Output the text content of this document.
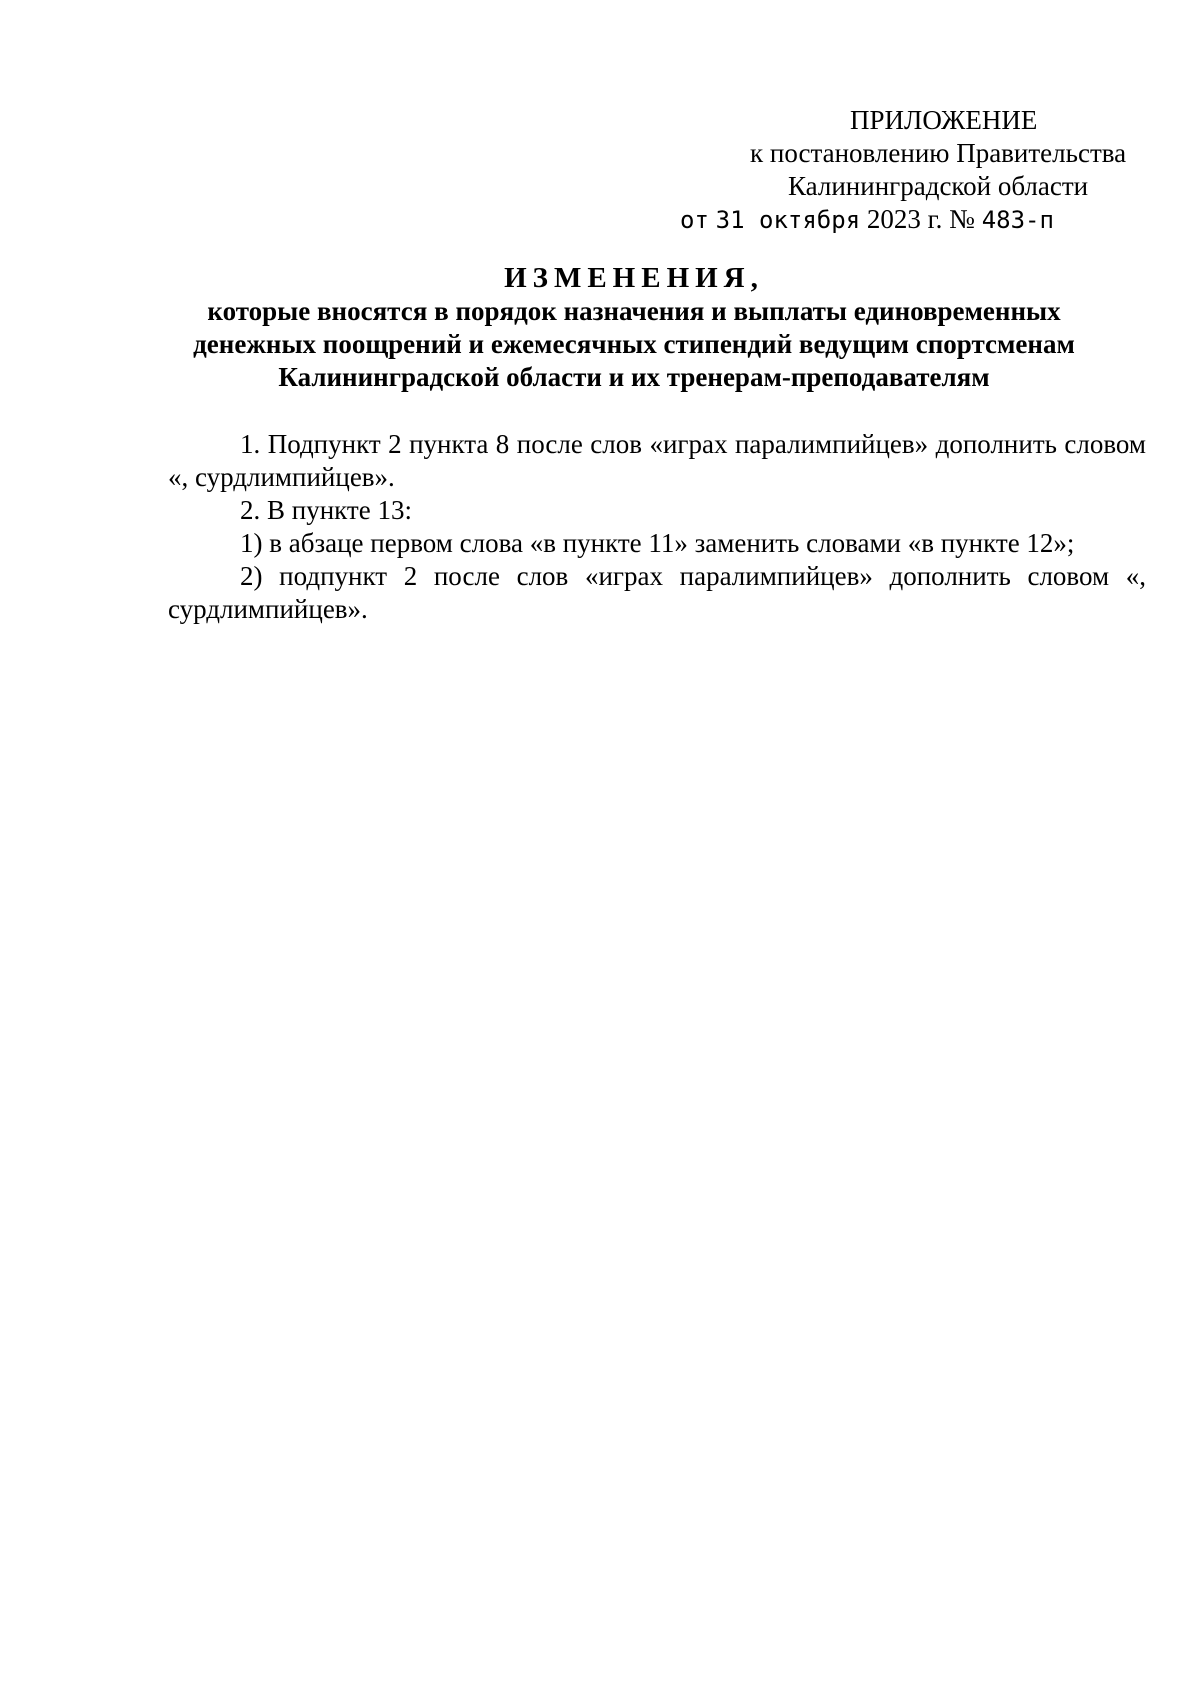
ПРИЛОЖЕНИЕ
к постановлению Правительства
Калининградской области
от 31 октября 2023 г. № 483-п
ИЗМЕНЕНИЯ,
которые вносятся в порядок назначения и выплаты единовременных
денежных поощрений и ежемесячных стипендий ведущим спортсменам
Калининградской области и их тренерам-преподавателям

1. Подпункт 2 пункта 8 после слов «играх паралимпийцев» дополнить словом «, сурдлимпийцев».

2. В пункте 13:

1) в абзаце первом слова «в пункте 11» заменить словами «в пункте 12»;

2) подпункт 2 после слов «играх паралимпийцев» дополнить словом «, сурдлимпийцев».
